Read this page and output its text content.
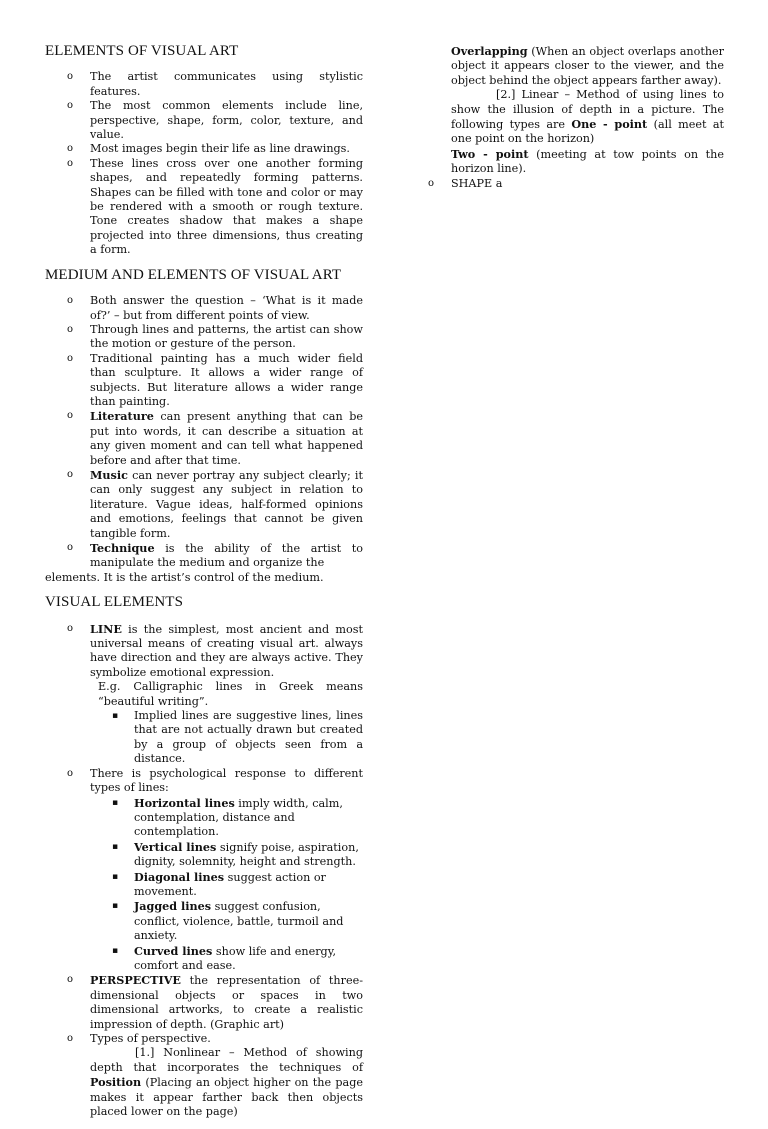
ELEMENTS OF VISUAL ART
o The artist communicates using stylistic features.
o The most common elements include line, perspective, shape, form, color, texture, and value.
o Most images begin their life as line drawings.
o These lines cross over one another forming shapes, and repeatedly forming patterns. Shapes can be filled with tone and color or may be rendered with a smooth or rough texture. Tone creates shadow that makes a shape projected into three dimensions, thus creating a form.
MEDIUM AND ELEMENTS OF VISUAL ART
o Both answer the question – ‘What is it made of?’ – but from different points of view.
o Through lines and patterns, the artist can show the motion or gesture of the person.
o Traditional painting has a much wider field than sculpture. It allows a wider range of subjects. But literature allows a wider range than painting.
o Literature can present anything that can be put into words, it can describe a situation at any given moment and can tell what happened before and after that time.
o Music can never portray any subject clearly; it can only suggest any subject in relation to literature. Vague ideas, half-formed opinions and emotions, feelings that cannot be given tangible form.
o Technique is the ability of the artist to manipulate the medium and organize the
elements. It is the artist’s control of the medium.
VISUAL ELEMENTS
o LINE is the simplest, most ancient and most universal means of creating visual art. always have direction and they are always active. They symbolize emotional expression.

E.g. Calligraphic lines in Greek means “beautiful writing”.

▪ Implied lines are suggestive lines, lines that are not actually drawn but created by a group of objects seen from a distance.
o There is psychological response to different types of lines:
▪ Horizontal lines imply width, calm, contemplation, distance and contemplation.
▪ Vertical lines signify poise, aspiration, dignity, solemnity, height and strength.
▪ Diagonal lines suggest action or movement.
▪ Jagged lines suggest confusion, conflict, violence, battle, turmoil and anxiety.
▪ Curved lines show life and energy, comfort and ease.
o PERSPECTIVE the representation of three-dimensional objects or spaces in two dimensional artworks, to create a realistic impression of depth. (Graphic art)
o Types of perspective.

[1.] Nonlinear – Method of showing depth that incorporates the techniques of Position (Placing an object higher on the page makes it appear farther back then objects placed lower on the page)

Overlapping (When an object overlaps another object it appears closer to the viewer, and the object behind the object appears farther away).

[2.] Linear – Method of using lines to show the illusion of depth in a picture. The following types are One - point (all meet at one point on the horizon)
Two - point (meeting at tow points on the horizon line).

o SHAPE a
